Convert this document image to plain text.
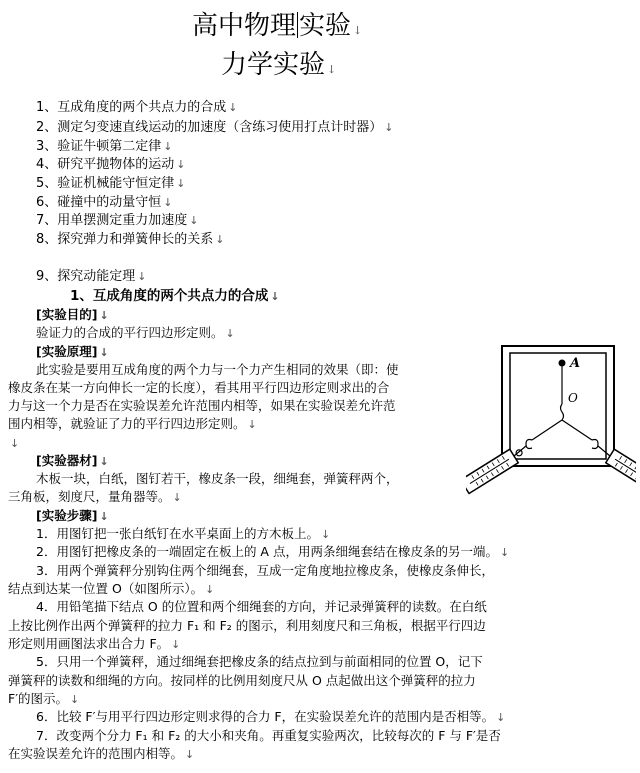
高中物理 实验 ↓
力学实验 ↓
1、互成角度的两个共点力的合成 ↓
2、测定匀变速直线运动的加速度（含练习使用打点计时器） ↓
3、验证牛顿第二定律 ↓
4、研究平抛物体的运动 ↓
5、验证机械能守恒定律 ↓
6、碰撞中的动量守恒 ↓
7、用单摆测定重力加速度 ↓
8、探究弹力和弹簧伸长的关系 ↓
9、探究动能定理 ↓
1、互成角度的两个共点力的合成 ↓
[实验目的] ↓
验证力的合成的平行四边形定则。 ↓
[实验原理] ↓
此实验是要用互成角度的两个力与一个力产生相同的效果（即：使
橡皮条在某一方向伸长一定的长度），看其用平行四边形定则求出的合
力与这一个力是否在实验误差允许范围内相等，如果在实验误差允许范
围内相等，就验证了力的平行四边形定则。 ↓
↓
[实验器材] ↓
木板一块，白纸，图钉若干，橡皮条一段，细绳套，弹簧秤两个，
三角板，刻度尺，量角器等。 ↓
[实验步骤] ↓
1．用图钉把一张白纸钉在水平桌面上的方木板上。 ↓
2．用图钉把橡皮条的一端固定在板上的 A 点，用两条细绳套结在橡皮条的另一端。 ↓
3．用两个弹簧秤分别钩住两个细绳套，互成一定角度地拉橡皮条，使橡皮条伸长，
结点到达某一位置 O（如图所示）。 ↓
4．用铅笔描下结点 O 的位置和两个细绳套的方向，并记录弹簧秤的读数。在白纸
上按比例作出两个弹簧秤的拉力 F₁ 和 F₂ 的图示，利用刻度尺和三角板，根据平行四边
形定则用画图法求出合力 F。 ↓
5．只用一个弹簧秤，通过细绳套把橡皮条的结点拉到与前面相同的位置 O，记下
弹簧秤的读数和细绳的方向。按同样的比例用刻度尺从 O 点起做出这个弹簧秤的拉力
F′的图示。 ↓
6．比较 F′与用平行四边形定则求得的合力 F，在实验误差允许的范围内是否相等。 ↓
7．改变两个分力 F₁ 和 F₂ 的大小和夹角。再重复实验两次，比较每次的 F 与 F′是否
在实验误差允许的范围内相等。 ↓
A
O
